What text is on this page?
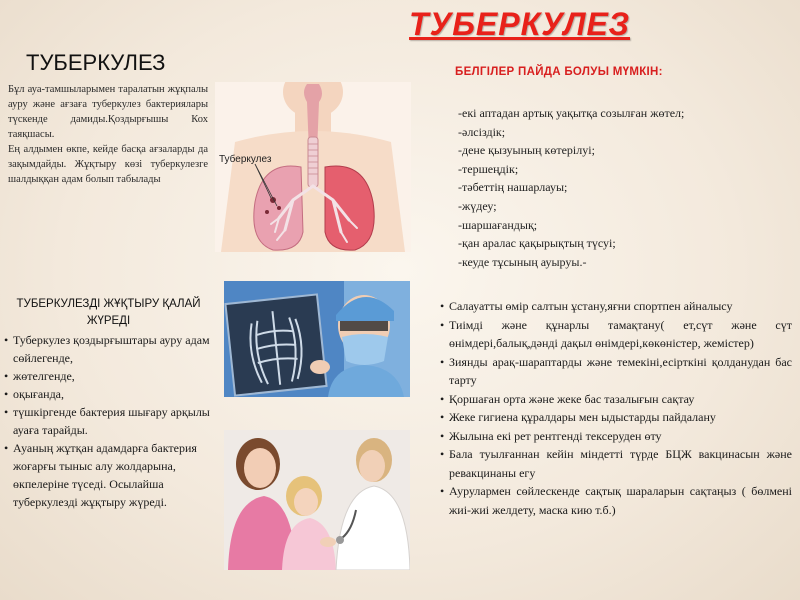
ТУБЕРКУЛЕЗ
ТУБЕРКУЛЕЗ

Бұл ауа-тамшыларымен таралатын жұқпалы ауру және ағзаға туберкулез бактериялары түскенде дамиды.Қоздырғышы Кох таяқшасы.

Ең алдымен өкпе, кейде басқа ағзаларды да зақымдайды. Жұқтыру көзі туберкулезге шалдыққан адам болып табылады

Туберкулез
БЕЛГІЛЕР ПАЙДА БОЛУЫ МҮМКІН:
-екі аптадан артық уақытқа созылған жөтел;
-әлсіздік;
-дене қызуының көтерілуі;
-тершеңдік;
-тәбеттің нашарлауы;
-жүдеу;
-шаршағандық;
-қан аралас қақырықтың түсуі;
-кеуде тұсының ауыруы.-
ТУБЕРКУЛЕЗДІ ЖҰҚТЫРУ ҚАЛАЙ ЖҮРЕДІ
• Туберкулез қоздырғыштары ауру адам сөйлегенде,
• жөтелгенде,
• оқығанда,
• түшкіргенде бактерия шығару арқылы ауаға тарайды.
• Ауаның жұтқан адамдарға бактерия жоғарғы тыныс алу жолдарына, өкпелеріне түседі. Осылайша туберкулезді жұқтыру жүреді.
• Салауатты өмір салтын ұстану,яғни спортпен айналысу
• Тиімді және құнарлы тамақтану( ет,сүт және сүт өнімдері,балық,дәнді дақыл өнімдері,көкөністер, жемістер)
• Зиянды арақ-шараптарды және темекіні,есірткіні қолданудан бас тарту
• Қоршаған орта және жеке бас тазалығын сақтау
• Жеке гигиена құралдары мен ыдыстарды пайдалану
• Жылына екі рет рентгенді тексеруден өту
• Бала туылғаннан кейін міндетті түрде БЦЖ вакцинасын және ревакцинаны егу
• Аурулармен сөйлескенде сақтық шараларын сақтаңыз ( бөлмені жиі-жиі желдету, маска кию т.б.)
